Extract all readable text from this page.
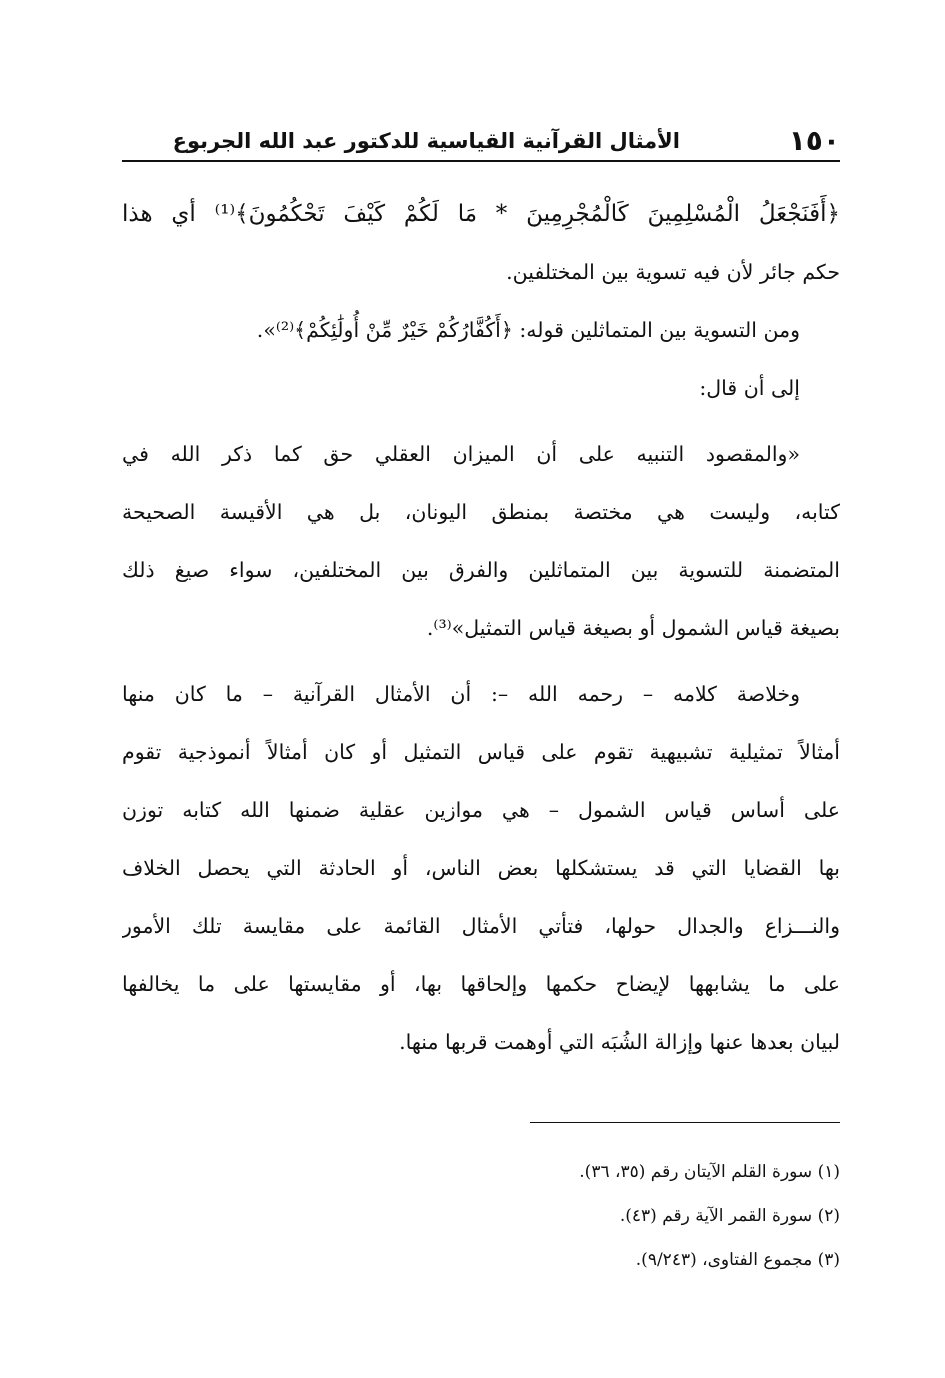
١٥٠
الأمثال القرآنية القياسية للدكتور عبد الله الجربوع
﴿أَفَنَجْعَلُ الْمُسْلِمِينَ كَالْمُجْرِمِينَ * مَا لَكُمْ كَيْفَ تَحْكُمُونَ﴾⁽¹⁾ أي هذا
حكم جائر لأن فيه تسوية بين المختلفين.
ومن التسوية بين المتماثلين قوله: ﴿أَكُفَّارُكُمْ خَيْرٌ مِّنْ أُولَٰئِكُمْ﴾⁽²⁾».
إلى أن قال:
«والمقصود التنبيه على أن الميزان العقلي حق كما ذكر الله في
كتابه، وليست هي مختصة بمنطق اليونان، بل هي الأقيسة الصحيحة
المتضمنة للتسوية بين المتماثلين والفرق بين المختلفين، سواء صيغ ذلك
بصيغة قياس الشمول أو بصيغة قياس التمثيل»⁽³⁾.
وخلاصة كلامه – رحمه الله –: أن الأمثال القرآنية – ما كان منها
أمثالاً تمثيلية تشبيهية تقوم على قياس التمثيل أو كان أمثالاً أنموذجية تقوم
على أساس قياس الشمول – هي موازين عقلية ضمنها الله كتابه توزن
بها القضايا التي قد يستشكلها بعض الناس، أو الحادثة التي يحصل الخلاف
والنـــزاع والجدال حولها، فتأتي الأمثال القائمة على مقايسة تلك الأمور
على ما يشابهها لإيضاح حكمها وإلحاقها بها، أو مقايستها على ما يخالفها
لبيان بعدها عنها وإزالة الشُبَه التي أوهمت قربها منها.
(١) سورة القلم الآيتان رقم (٣٥، ٣٦).
(٢) سورة القمر الآية رقم (٤٣).
(٣) مجموع الفتاوى، (٩/٢٤٣).
